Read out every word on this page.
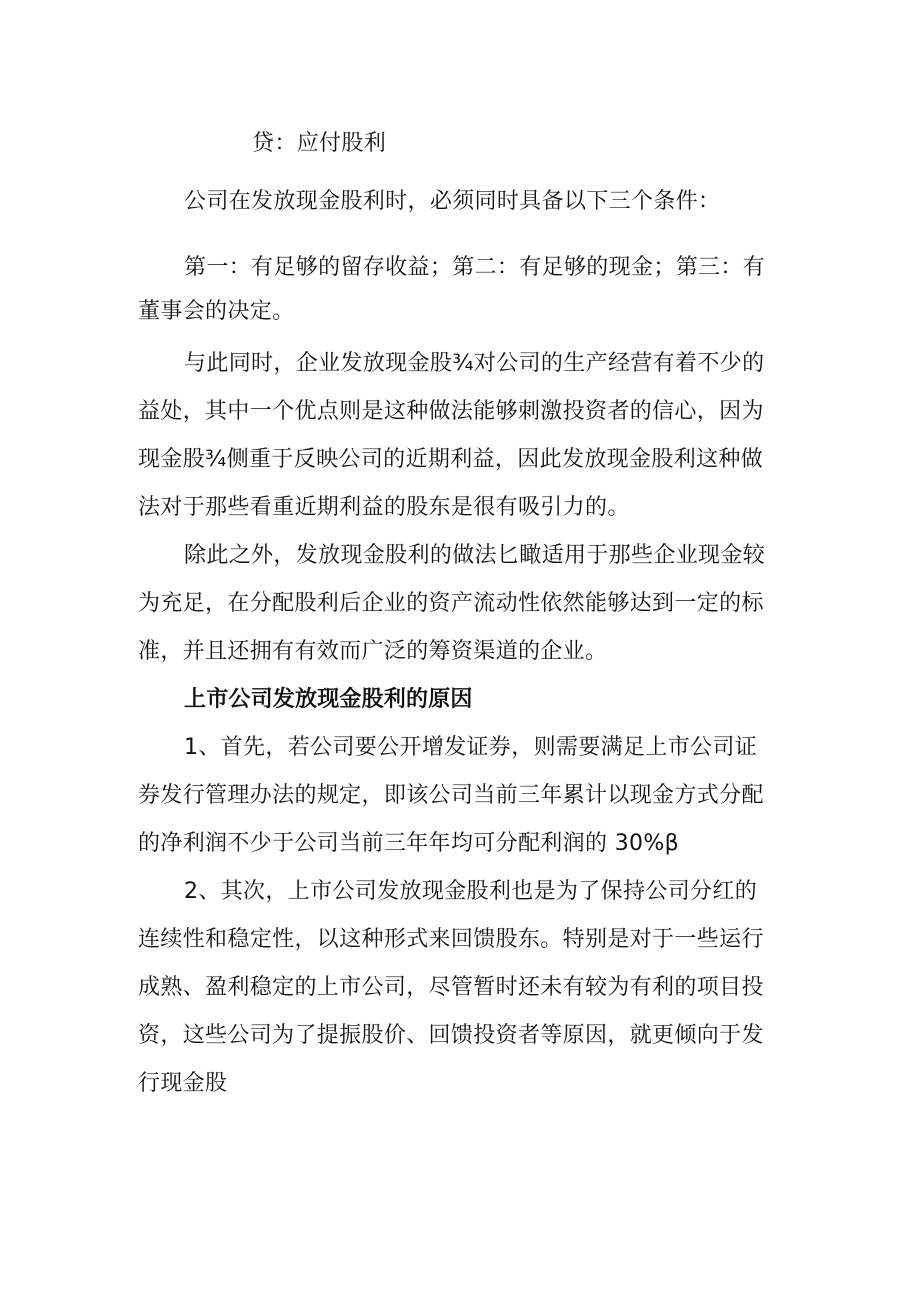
贷：应付股利
公司在发放现金股利时，必须同时具备以下三个条件：
第一：有足够的留存收益；第二：有足够的现金；第三：有
董事会的决定。
与此同时，企业发放现金股¾对公司的生产经营有着不少的
益处，其中一个优点则是这种做法能够刺激投资者的信心，因为
现金股¾侧重于反映公司的近期利益，因此发放现金股利这种做
法对于那些看重近期利益的股东是很有吸引力的。
除此之外，发放现金股利的做法匕瞰适用于那些企业现金较
为充足，在分配股利后企业的资产流动性依然能够达到一定的标
准，并且还拥有有效而广泛的筹资渠道的企业。
上市公司发放现金股利的原因
1、首先，若公司要公开增发证券，则需要满足上市公司证
券发行管理办法的规定，即该公司当前三年累计以现金方式分配
的净利润不少于公司当前三年年均可分配利润的 30%β
2、其次，上市公司发放现金股利也是为了保持公司分红的
连续性和稳定性，以这种形式来回馈股东。特别是对于一些运行
成熟、盈利稳定的上市公司，尽管暂时还未有较为有利的项目投
资，这些公司为了提振股价、回馈投资者等原因，就更倾向于发
行现金股
